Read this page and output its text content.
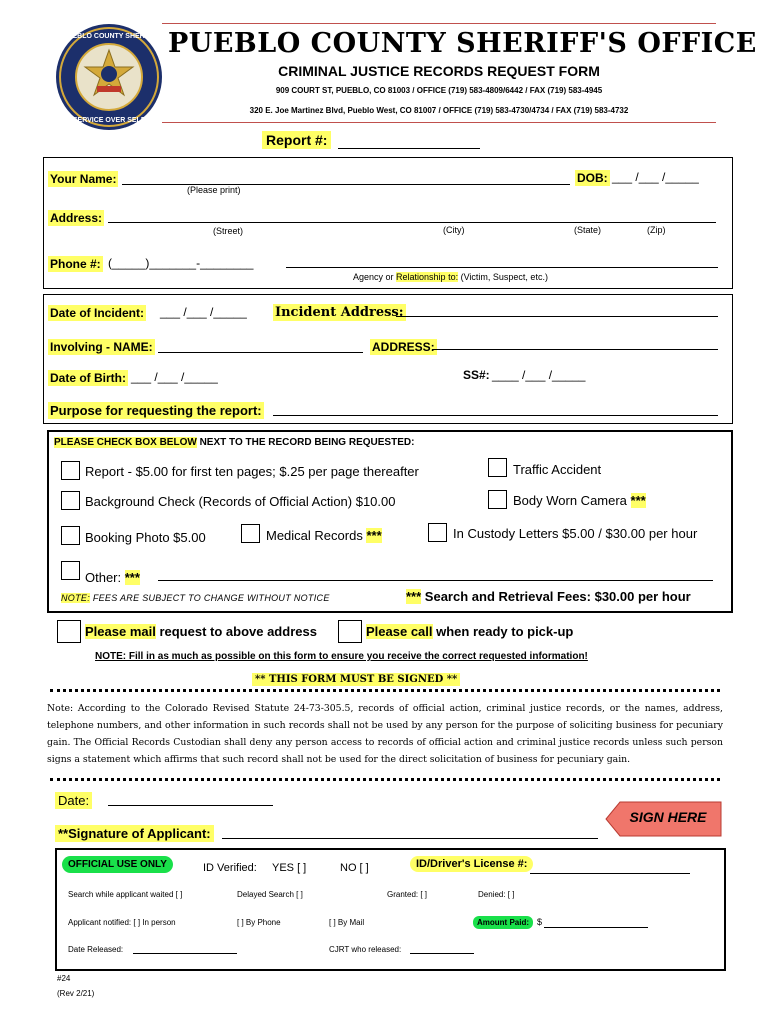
PUEBLO COUNTY SHERIFF
SERVICE OVER SELF
PUEBLO COUNTY SHERIFF'S OFFICE
CRIMINAL JUSTICE RECORDS REQUEST FORM
909 COURT ST, PUEBLO, CO 81003 / OFFICE (719) 583-4809/6442 / FAX (719) 583-4945
320 E. Joe Martinez Blvd, Pueblo West, CO 81007 / OFFICE (719) 583-4730/4734 / FAX (719) 583-4732
Report #:
Your Name:
(Please print)
DOB: ___ /___ /_____
Address:
(Street)	(City)	(State)	(Zip)
Phone #: (_____)_______-________
Agency or Relationship to: (Victim, Suspect, etc.)
Date of Incident: ___ /___ /_____ Incident Address:
Involving - NAME:	ADDRESS:
Date of Birth: ___ /___ /_____	SS#: ____ /___ /_____
Purpose for requesting the report:
PLEASE CHECK BOX BELOW NEXT TO THE RECORD BEING REQUESTED:
Report - $5.00 for first ten pages; $.25 per page thereafter	Traffic Accident
Background Check (Records of Official Action) $10.00	Body Worn Camera ***
Booking Photo $5.00	Medical Records ***	In Custody Letters $5.00 / $30.00 per hour
Other: ***
NOTE: FEES ARE SUBJECT TO CHANGE WITHOUT NOTICE	*** Search and Retrieval Fees: $30.00 per hour
Please mail request to above address	Please call when ready to pick-up
NOTE: Fill in as much as possible on this form to ensure you receive the correct requested information!
** THIS FORM MUST BE SIGNED **
Note: According to the Colorado Revised Statute 24-73-305.5, records of official action, criminal justice records, or the names, address, telephone numbers, and other information in such records shall not be used by any person for the purpose of soliciting business for pecuniary gain. The Official Records Custodian shall deny any person access to records of official action and criminal justice records unless such person signs a statement which affirms that such record shall not be used for the direct solicitation of business for pecuniary gain.
Date:
**Signature of Applicant:
SIGN HERE
OFFICIAL USE ONLY	ID Verified: YES [ ]	NO [ ]	ID/Driver's License #:
Search while applicant waited [ ]	Delayed Search [ ]	Granted: [ ]	Denied: [ ]
Applicant notified: [ ] In person	[ ] By Phone	[ ] By Mail	Amount Paid: $
Date Released:	CJRT who released:
#24
(Rev 2/21)
